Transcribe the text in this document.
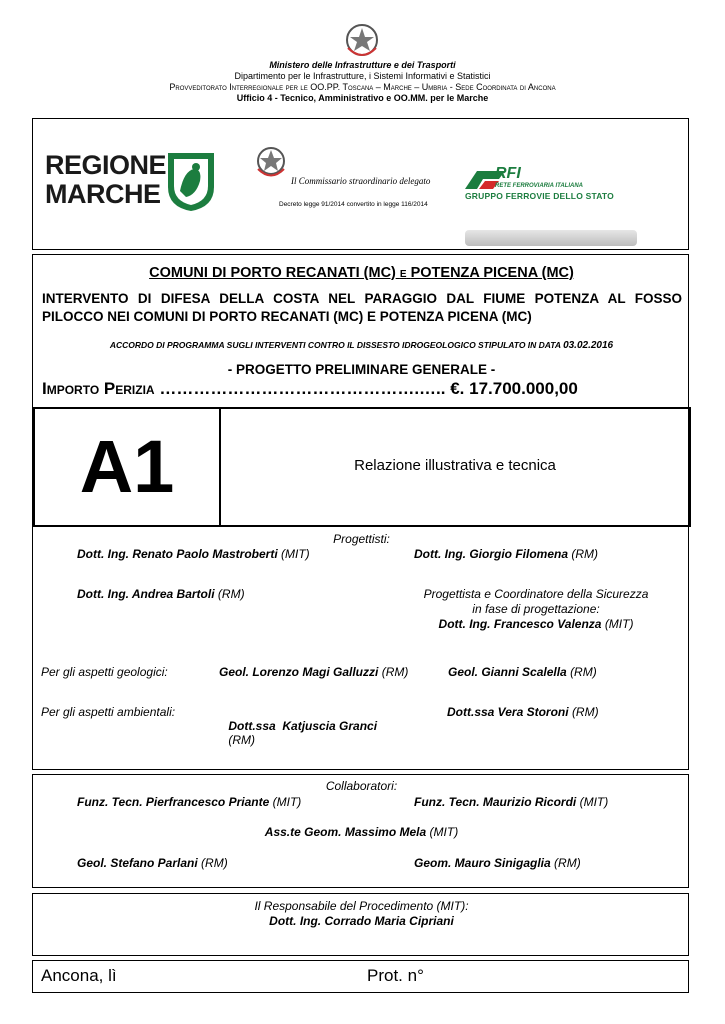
Ministero delle Infrastrutture e dei Trasporti
Dipartimento per le Infrastrutture, i Sistemi Informativi e Statistici
Provveditorato Interregionale per le OO.PP. Toscana – Marche – Umbria - Sede Coordinata di Ancona
Ufficio 4 - Tecnico, Amministrativo e OO.MM. per le Marche
REGIONE
MARCHE	Il Commissario straordinario delegato
Decreto legge 91/2014 convertito in legge 116/2014
RFI
RETE FERROVIARIA ITALIANA
GRUPPO FERROVIE DELLO STATO
COMUNI DI PORTO RECANATI (MC) E POTENZA PICENA (MC)
INTERVENTO DI DIFESA DELLA COSTA NEL PARAGGIO DAL FIUME POTENZA AL FOSSO PILOCCO NEI COMUNI DI PORTO RECANATI (MC) E POTENZA PICENA (MC)
ACCORDO DI PROGRAMMA SUGLI INTERVENTI CONTRO IL DISSESTO IDROGEOLOGICO STIPULATO IN DATA 03.02.2016
- PROGETTO PRELIMINARE GENERALE -
Importo Perizia ……………………………………….….. €. 17.700.000,00
A1	Relazione illustrativa e tecnica
Progettisti:
Dott. Ing. Renato Paolo Mastroberti (MIT)	Dott. Ing. Giorgio Filomena (RM)
Dott. Ing. Andrea Bartoli (RM)	Progettista e Coordinatore della Sicurezza
in fase di progettazione:
Dott. Ing. Francesco Valenza (MIT)
Per gli aspetti geologici:	Geol. Lorenzo Magi Galluzzi (RM)	Geol. Gianni Scalella (RM)
Per gli aspetti ambientali:

Dott.ssa  Katjuscia Granci
(RM)

Dott.ssa Vera Storoni (RM)
Collaboratori:
Funz. Tecn. Pierfrancesco Priante (MIT)	Funz. Tecn. Maurizio Ricordi (MIT)
Ass.te Geom. Massimo Mela (MIT)
Geol. Stefano Parlani (RM)	Geom. Mauro Sinigaglia (RM)
Il Responsabile del Procedimento (MIT):
Dott. Ing. Corrado Maria Cipriani
Ancona, lì	Prot. n°
